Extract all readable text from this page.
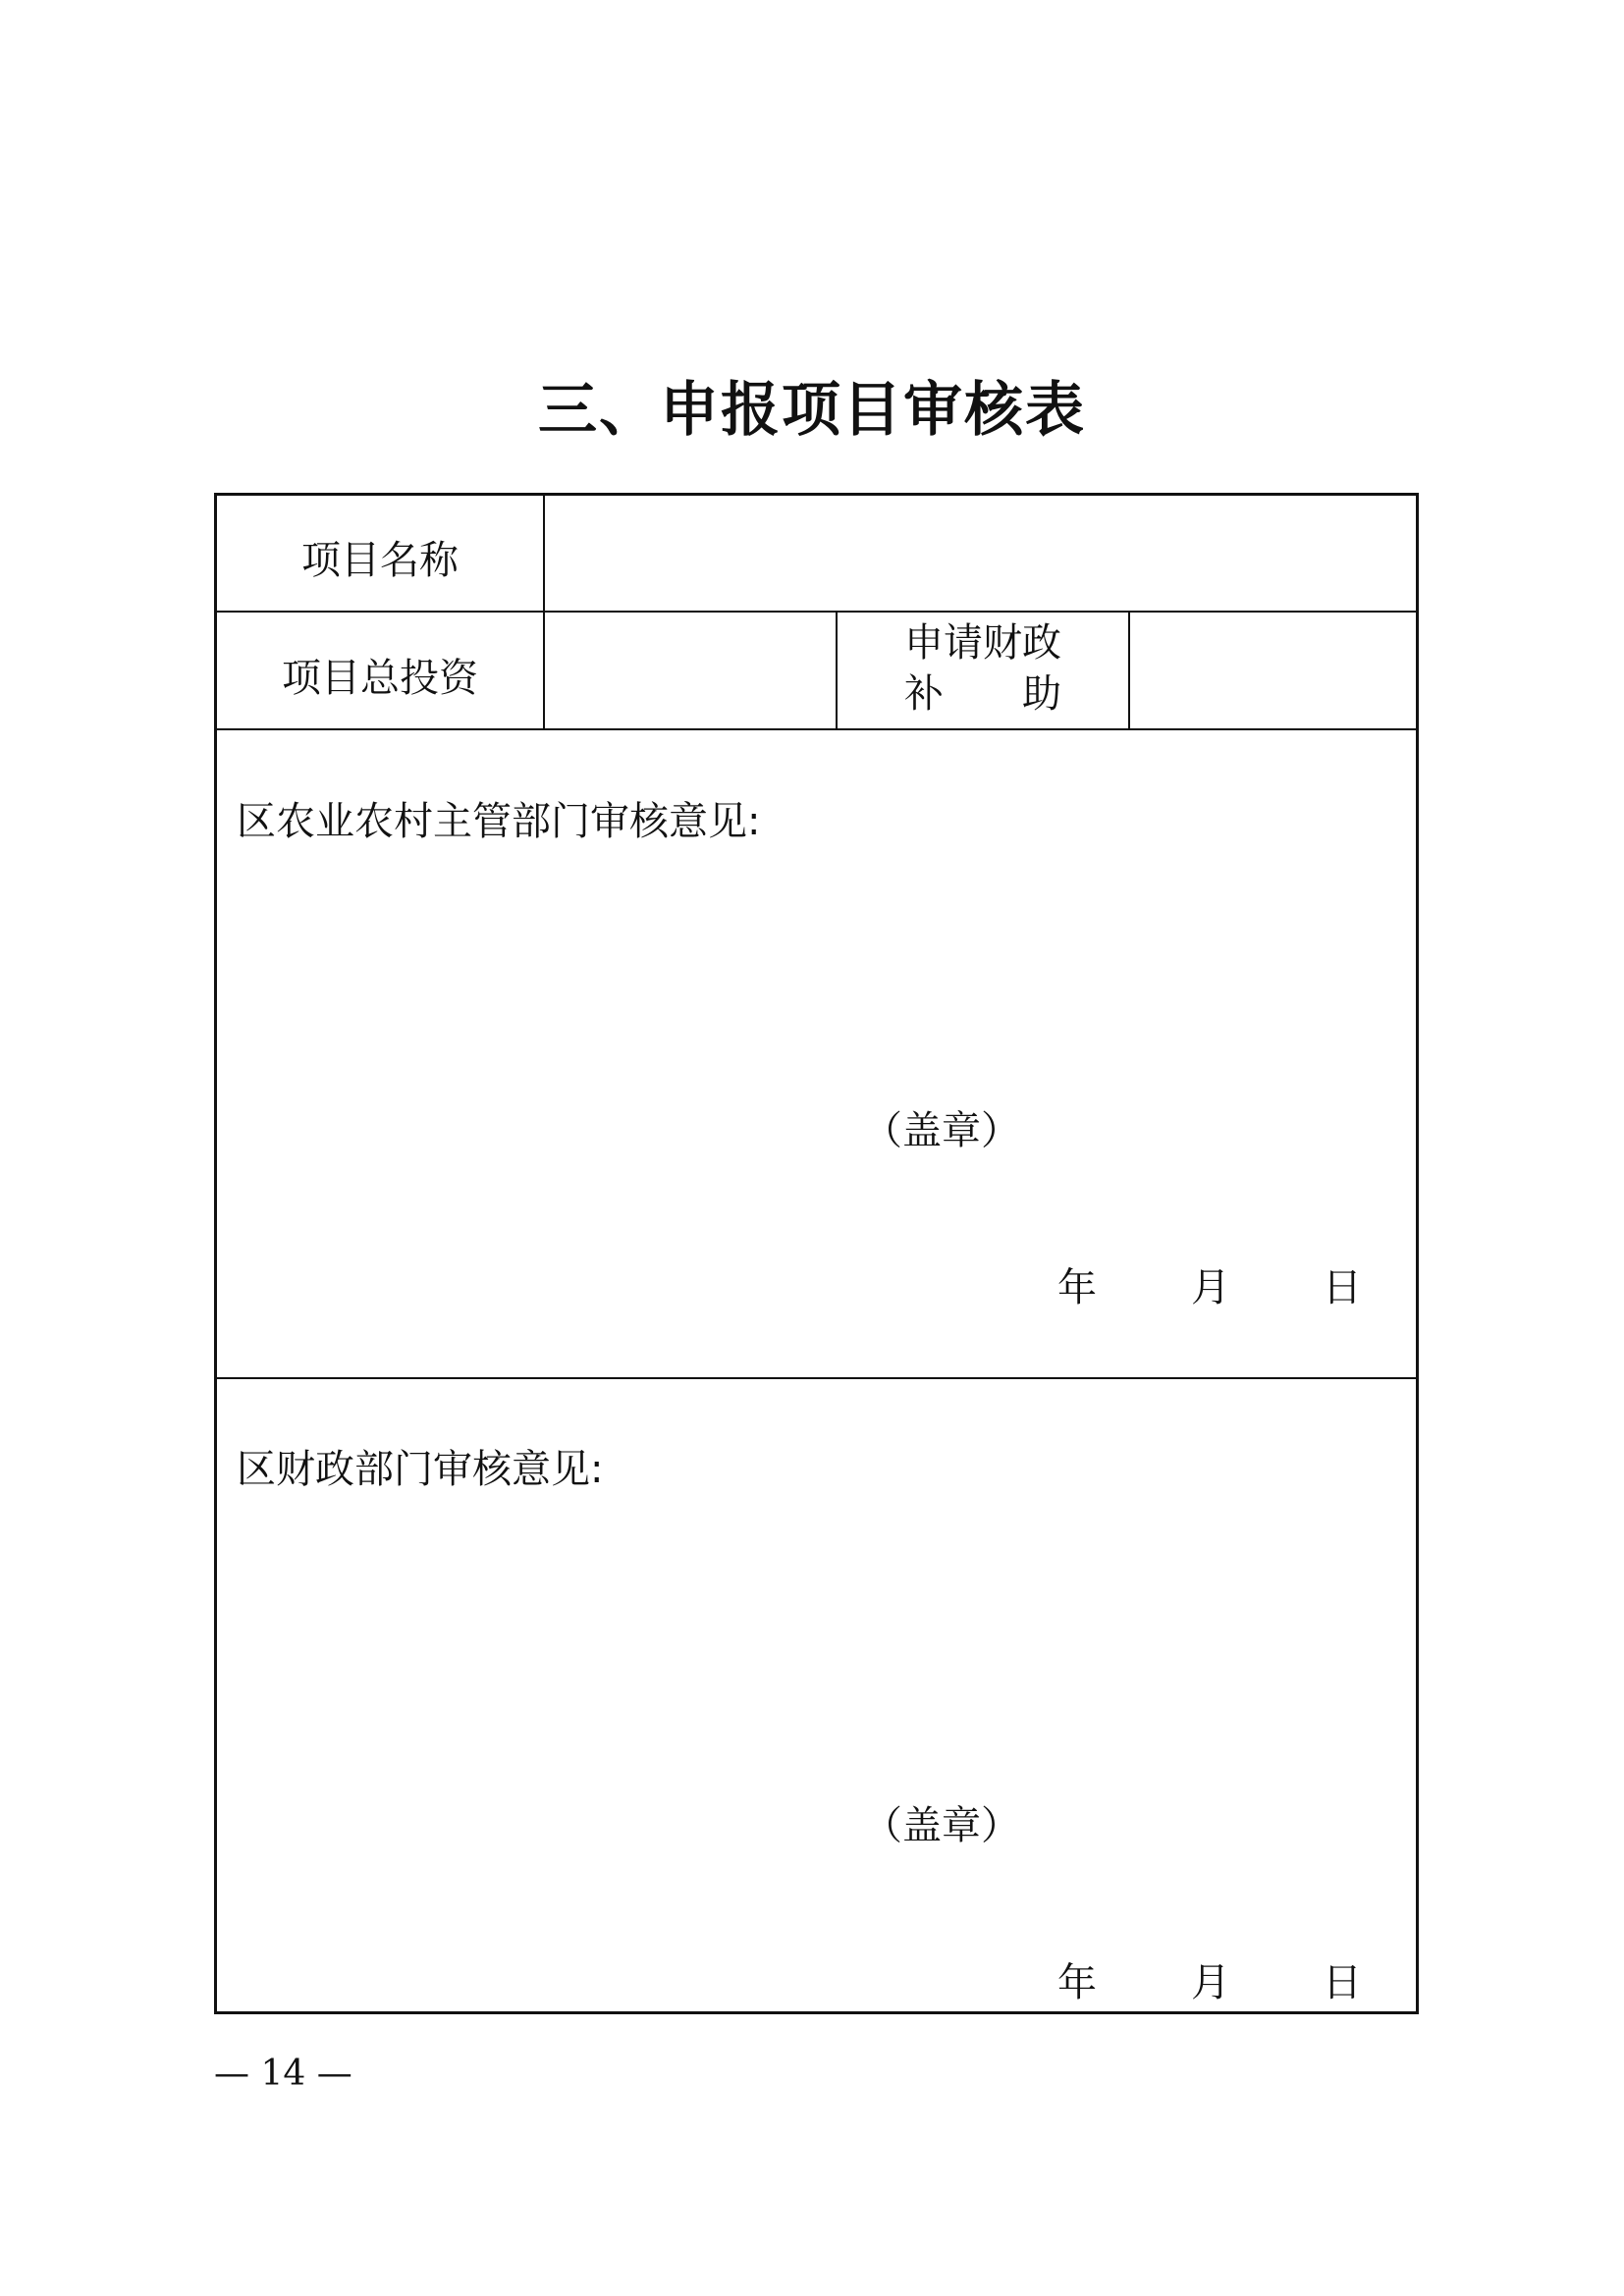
三、申报项目审核表
项目名称
项目总投资
申请财政
补　　助
区农业农村主管部门审核意见:
（盖章）
年 月 日
区财政部门审核意见:
（盖章）
年 月 日
— 14 —
